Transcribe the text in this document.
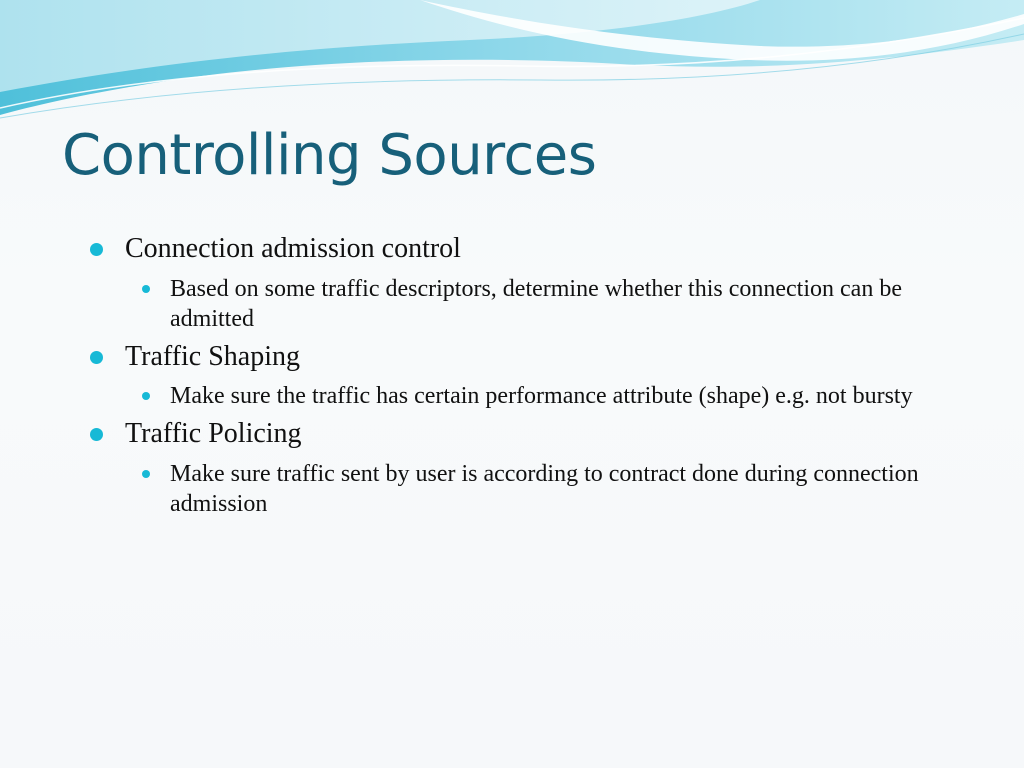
Controlling Sources
Connection admission control
Based on some traffic descriptors, determine whether this connection can be admitted
Traffic Shaping
Make sure the traffic has certain performance attribute (shape) e.g. not bursty
Traffic Policing
Make sure traffic sent by user is according to contract done during connection admission
